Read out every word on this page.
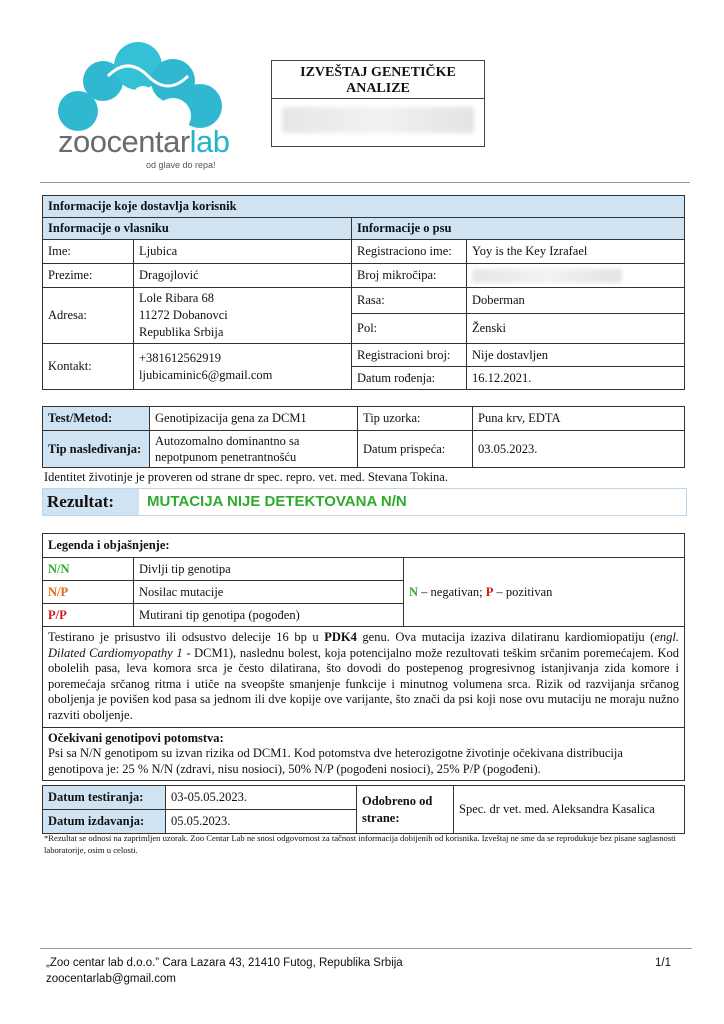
zoocentarlab
od glave do repa!
IZVEŠTAJ GENETIČKE ANALIZE
Informacije koje dostavlja korisnik			
Informacije o vlasniku		Informacije o psu	
Ime:	Ljubica	Registraciono ime:	Yoy is the Key Izrafael
Prezime:	Dragojlović	Broj mikročipa:	

Adresa:	Lole Ribara 68
11272 Dobanovci
Republika Srbija	Rasa:	Doberman
		Pol:	Ženski
Kontakt:	+381612562919
ljubicaminic6@gmail.com	Registracioni broj:	Nije dostavljen
		Datum rođenja:	16.12.2021.
Test/Metod:	Genotipizacija gena za DCM1	Tip uzorka:	Puna krv, EDTA
Tip nasleđivanja:	Autozomalno dominantno sa
nepotpunom penetrantnošću	Datum prispeća:	03.05.2023.
Identitet životinje je proveren od strane dr spec. repro. vet. med. Stevana Tokina.
Rezultat:	MUTACIJA NIJE DETEKTOVANA N/N
Legenda i objašnjenje:		
N/N	Divlji tip genotipa	N – negativan; P – pozitivan
N/P	Nosilac mutacije	
P/P	Mutirani tip genotipa (pogođen)	
Testirano je prisustvo ili odsustvo delecije 16 bp u PDK4 genu. Ova mutacija izaziva dilatiranu kardiomiopatiju (engl. Dilated Cardiomyopathy 1 - DCM1), naslednu bolest, koja potencijalno može rezultovati teškim srčanim poremećajem. Kod obolelih pasa, leva komora srca je često dilatirana, što dovodi do postepenog progresivnog istanjivanja zida komore i poremećaja srčanog ritma i utiče na sveopšte smanjenje funkcije i minutnog volumena srca. Rizik od razvijanja srčanog oboljenja je povišen kod pasa sa jednom ili dve kopije ove varijante, što znači da psi koji nose ovu mutaciju ne moraju nužno razviti oboljenje.		

Očekivani genotipovi potomstva:
Psi sa N/N genotipom su izvan rizika od DCM1. Kod potomstva dve heterozigotne životinje očekivana distribucija genotipova je: 25 % N/N (zdravi, nisu nosioci), 50% N/P (pogođeni nosioci), 25% P/P (pogođeni).		
Datum testiranja:	03-05.05.2023.	Odobreno od strane:	Spec. dr vet. med. Aleksandra Kasalica
Datum izdavanja:	05.05.2023.		
*Rezultat se odnosi na zaprimljen uzorak. Zoo Centar Lab ne snosi odgovornost za tačnost informacija dobijenih od korisnika. Izveštaj ne sme da se reprodukuje bez pisane saglasnosti laboratorije, osim u celosti.
„Zoo centar lab d.o.o.” Cara Lazara 43, 21410 Futog, Republika Srbija
zoocentarlab@gmail.com
1/1
